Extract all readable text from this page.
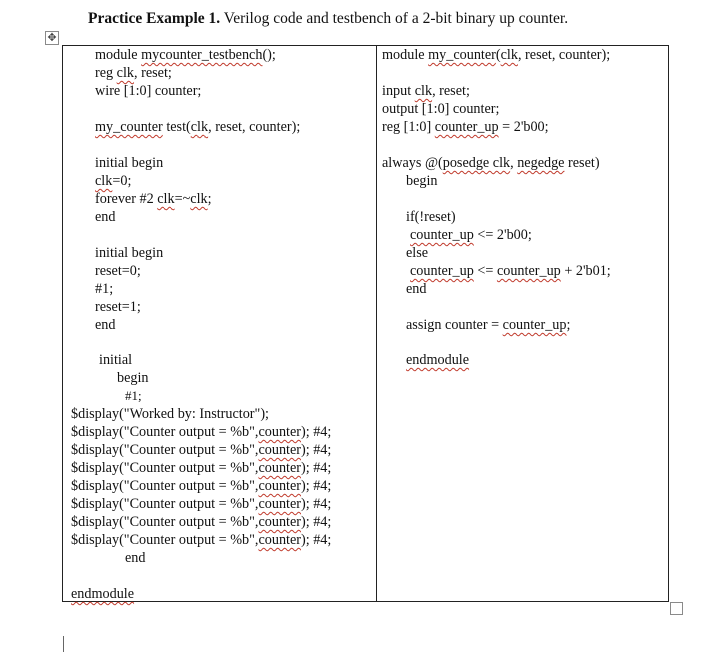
Practice Example 1. Verilog code and testbench of a 2-bit binary up counter.
✥
module mycounter_testbench();
reg clk, reset;
wire [1:0] counter;
my_counter test(clk, reset, counter);
initial begin
clk=0;
forever #2 clk=~clk;
end
initial begin
reset=0;
#1;
reset=1;
end
initial
begin
#1;
$display("Worked by: Instructor");
$display("Counter output = %b",counter); #4;
$display("Counter output = %b",counter); #4;
$display("Counter output = %b",counter); #4;
$display("Counter output = %b",counter); #4;
$display("Counter output = %b",counter); #4;
$display("Counter output = %b",counter); #4;
$display("Counter output = %b",counter); #4;
end
endmodule
module my_counter(clk, reset, counter);
input clk, reset;
output [1:0] counter;
reg [1:0] counter_up = 2'b00;
always @(posedge clk, negedge reset)
begin
if(!reset)
counter_up <= 2'b00;
else
counter_up <= counter_up + 2'b01;
end
assign counter = counter_up;
endmodule
